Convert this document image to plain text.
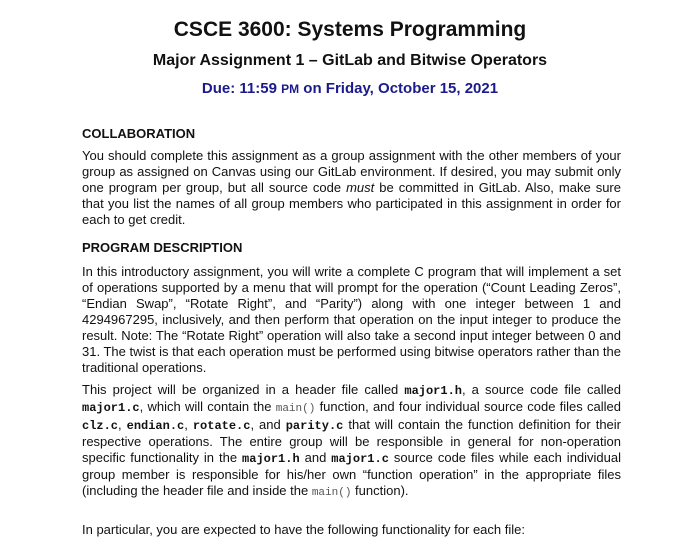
CSCE 3600: Systems Programming
Major Assignment 1 – GitLab and Bitwise Operators

Due: 11:59 PM on Friday, October 15, 2021

COLLABORATION

You should complete this assignment as a group assignment with the other members of your group as assigned on Canvas using our GitLab environment. If desired, you may submit only one program per group, but all source code must be committed in GitLab. Also, make sure that you list the names of all group members who participated in this assignment in order for each to get credit.

PROGRAM DESCRIPTION

In this introductory assignment, you will write a complete C program that will implement a set of operations supported by a menu that will prompt for the operation (“Count Leading Zeros”, “Endian Swap”, “Rotate Right”, and “Parity”) along with one integer between 1 and 4294967295, inclusively, and then perform that operation on the input integer to produce the result. Note: The “Rotate Right” operation will also take a second input integer between 0 and 31. The twist is that each operation must be performed using bitwise operators rather than the traditional operations.

This project will be organized in a header file called major1.h, a source code file called major1.c, which will contain the main() function, and four individual source code files called clz.c, endian.c, rotate.c, and parity.c that will contain the function definition for their respective operations. The entire group will be responsible in general for non-operation specific functionality in the major1.h and major1.c source code files while each individual group member is responsible for his/her own “function operation” in the appropriate files (including the header file and inside the main() function).

In particular, you are expected to have the following functionality for each file:
